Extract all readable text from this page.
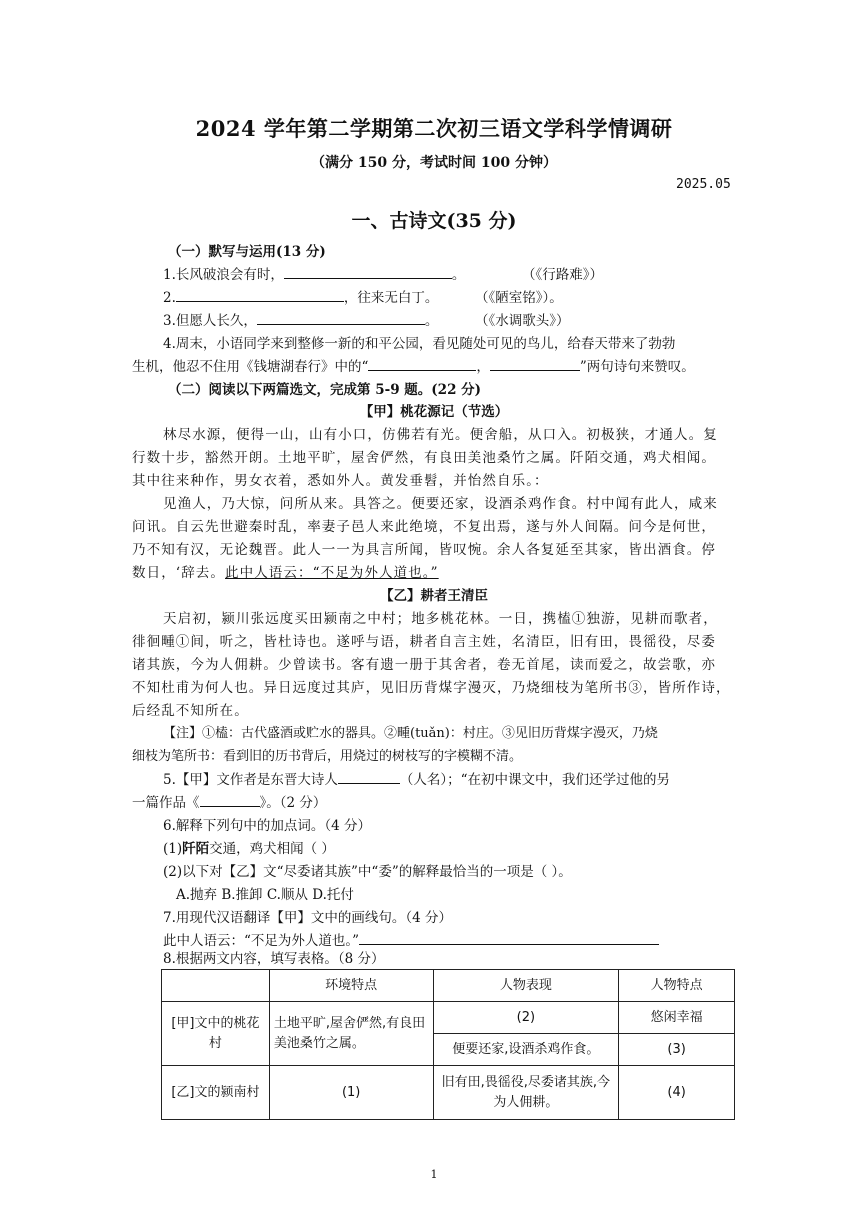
2024 学年第二学期第二次初三语文学科学情调研
（满分 150 分，考试时间 100 分钟）
2025.05
一、古诗文(35 分)
（一）默写与运用(13 分)
1.长风破浪会有时，	。	（《行路难》）
2.	，往来无白丁。	（《陋室铭》）。
3.但愿人长久，	。	（《水调歌头》）
4.周末，小语同学来到整修一新的和平公园，看见随处可见的鸟儿，给春天带来了勃勃
生机，他忍不住用《钱塘湖春行》中的“	，	”两句诗句来赞叹。
（二）阅读以下两篇选文，完成第 5-9 题。(22 分)
【甲】桃花源记（节选）
林尽水源，便得一山，山有小口，仿佛若有光。便舍船，从口入。初极狭，才通人。复
行数十步，豁然开朗。土地平旷，屋舍俨然，有良田美池桑竹之属。阡陌交通，鸡犬相闻。
其中往来种作，男女衣着，悉如外人。黄发垂髫，并怡然自乐。：
见渔人，乃大惊，问所从来。具答之。便要还家，设酒杀鸡作食。村中闻有此人，咸来
问讯。自云先世避秦时乱，率妻子邑人来此绝境，不复出焉，遂与外人间隔。问今是何世，
乃不知有汉，无论魏晋。此人一一为具言所闻，皆叹惋。余人各复延至其家，皆出酒食。停
数日，‘辞去。此中人语云：“不足为外人道也。”
【乙】耕者王清臣
天启初，颍川张远度买田颍南之中村；地多桃花林。一日，携榼①独游，见耕而歌者，
徘徊畽①间，听之，皆杜诗也。遂呼与语，耕者自言主姓，名清臣，旧有田，畏徭役，尽委
诸其族，今为人佣耕。少曾读书。客有遗一册于其舍者，卷无首尾，读而爱之，故尝歌，亦
不知杜甫为何人也。异日远度过其庐，见旧历背煤字漫灭，乃烧细枝为笔所书③，皆所作诗，
后经乱不知所在。
【注】①榼：古代盛酒或贮水的器具。②畽(tuǎn)：村庄。③见旧历背煤字漫灭，乃烧
细枝为笔所书：看到旧的历书背后，用烧过的树枝写的字模糊不清。
5.【甲】文作者是东晋大诗人	（人名）；“在初中课文中，我们还学过他的另
一篇作品《	》。（2 分）
6.解释下列句中的加点词。（4 分）
(1)阡陌交通，鸡犬相闻（ ）
(2)以下对【乙】文“尽委诸其族”中“委”的解释最恰当的一项是（ ）。
A.抛弃 B.推卸 C.顺从 D.托付
7.用现代汉语翻译【甲】文中的画线句。（4 分）
此中人语云：“不足为外人道也。”
8.根据两文内容，填写表格。（8 分）
	环境特点	人物表现	人物特点
[甲]文中的桃花村	土地平旷,屋舍俨然,有良田美池桑竹之属。	(2)	悠闲幸福
		便要还家,设酒杀鸡作食。	(3)
[乙]文的颍南村	(1)	旧有田,畏徭役,尽委诸其族,今为人佣耕。	(4)
1
